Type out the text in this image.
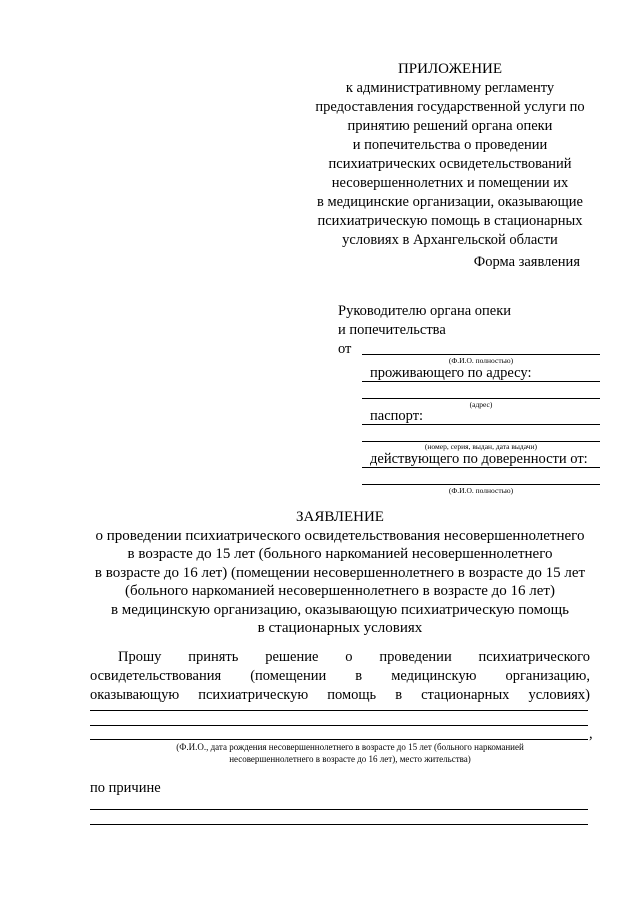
ПРИЛОЖЕНИЕ
к административному регламенту
предоставления государственной услуги по
принятию решений органа опеки
и попечительства о проведении
психиатрических освидетельствований
несовершеннолетних и помещении их
в медицинские организации, оказывающие
психиатрическую помощь в стационарных
условиях в Архангельской области
Форма заявления
Руководителю органа опеки
и попечительства
от
(Ф.И.О. полностью)
проживающего по адресу:
(адрес)
паспорт:
(номер, серия, выдан, дата выдачи)
действующего по доверенности от:
(Ф.И.О. полностью)
ЗАЯВЛЕНИЕ
о проведении психиатрического освидетельствования несовершеннолетнего
в возрасте до 15 лет (больного наркоманией несовершеннолетнего
в возрасте до 16 лет) (помещении несовершеннолетнего в возрасте до 15 лет
(больного наркоманией несовершеннолетнего в возрасте до 16 лет)
в медицинскую организацию, оказывающую психиатрическую помощь
в стационарных условиях
Прошу принять решение о проведении психиатрического
освидетельствования (помещении в медицинскую организацию,
оказывающую психиатрическую помощь в стационарных условиях)
,
(Ф.И.О., дата рождения несовершеннолетнего в возрасте до 15 лет (больного наркоманией
несовершеннолетнего в возрасте до 16 лет), место жительства)
по причине
